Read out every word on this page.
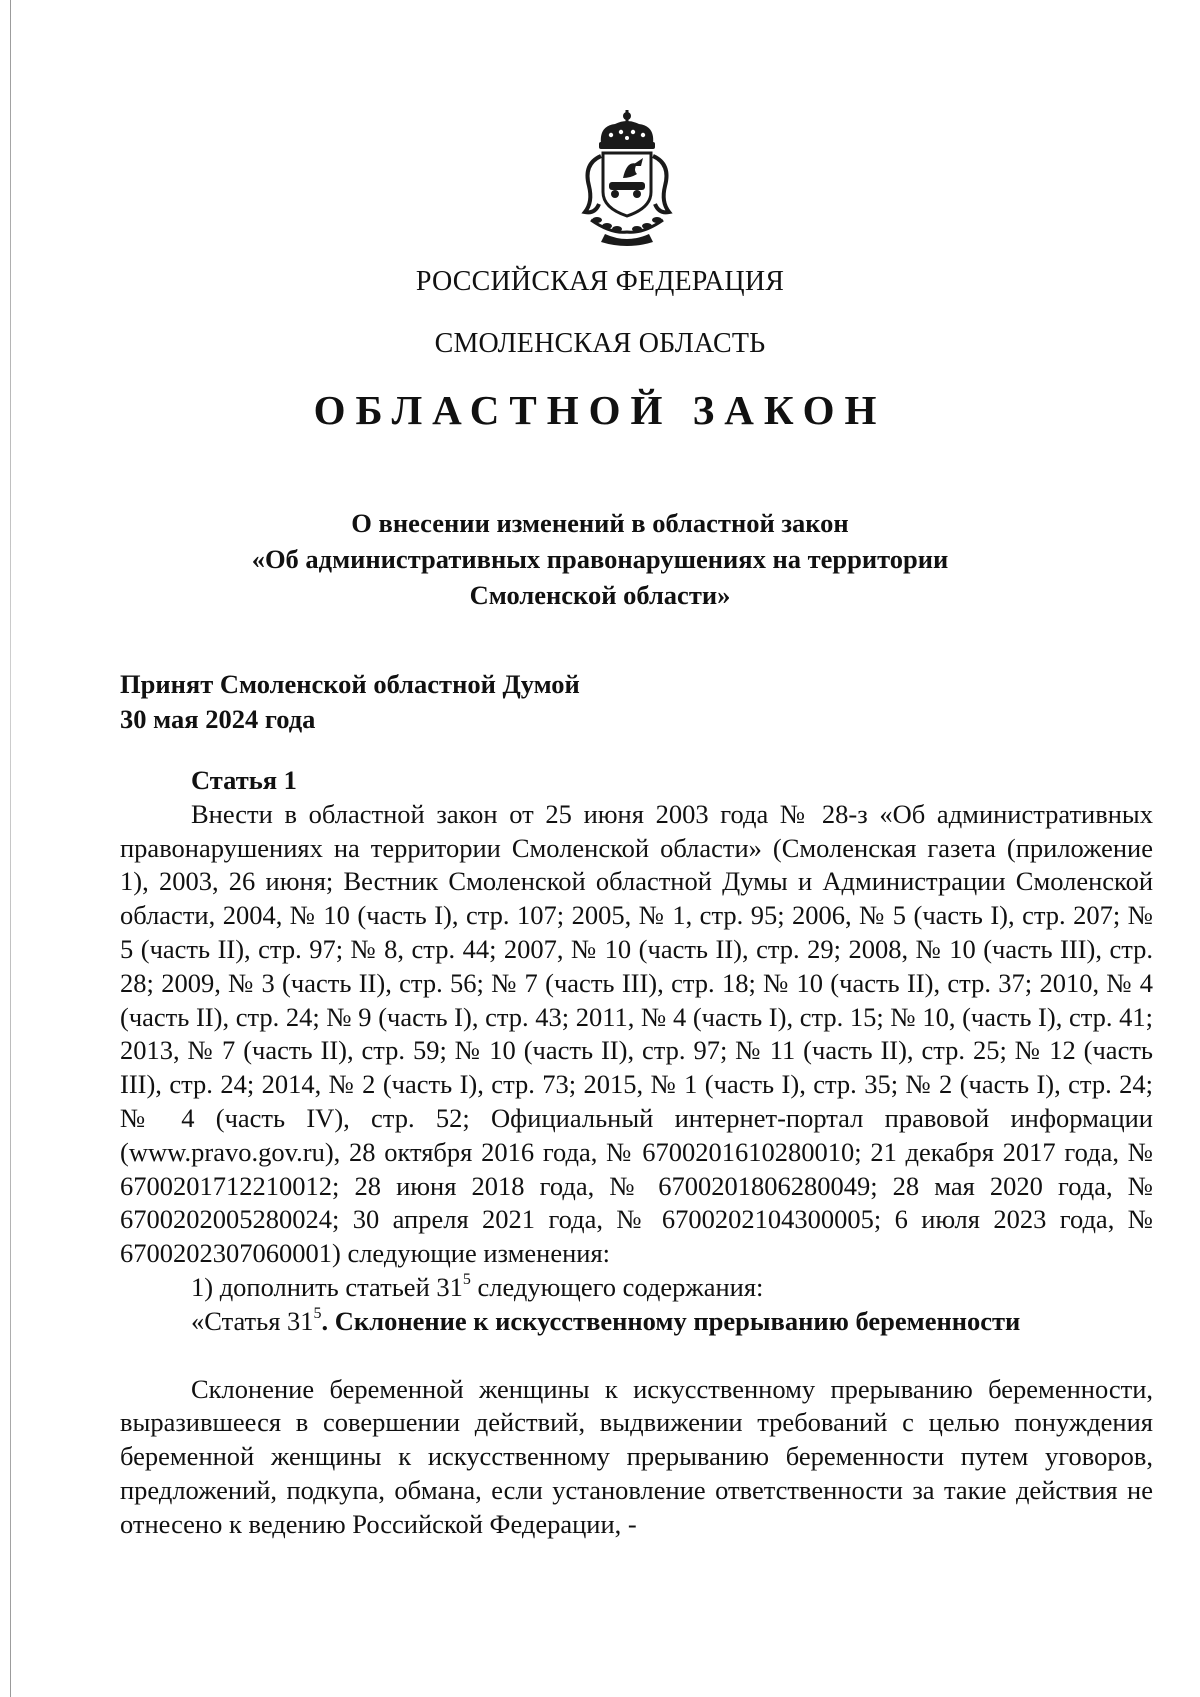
РОССИЙСКАЯ ФЕДЕРАЦИЯ
СМОЛЕНСКАЯ ОБЛАСТЬ
ОБЛАСТНОЙ ЗАКОН
О внесении изменений в областной закон
«Об административных правонарушениях на территории
Смоленской области»
Принят Смоленской областной Думой
30 мая 2024 года
Статья 1

Внести в областной закон от 25 июня 2003 года № 28-з «Об административных правонарушениях на территории Смоленской области» (Смоленская газета (приложение 1), 2003, 26 июня; Вестник Смоленской областной Думы и Администрации Смоленской области, 2004, № 10 (часть I), стр. 107; 2005, № 1, стр. 95; 2006, № 5 (часть I), стр. 207; № 5 (часть II), стр. 97; № 8, стр. 44; 2007, № 10 (часть II), стр. 29; 2008, № 10 (часть III), стр. 28; 2009, № 3 (часть II), стр. 56; № 7 (часть III), стр. 18; № 10 (часть II), стр. 37; 2010, № 4 (часть II), стр. 24; № 9 (часть I), стр. 43; 2011, № 4 (часть I), стр. 15; № 10, (часть I), стр. 41; 2013, № 7 (часть II), стр. 59; № 10 (часть II), стр. 97; № 11 (часть II), стр. 25; № 12 (часть III), стр. 24; 2014, № 2 (часть I), стр. 73; 2015, № 1 (часть I), стр. 35; № 2 (часть I), стр. 24; № 4 (часть IV), стр. 52; Официальный интернет-портал правовой информации (www.pravo.gov.ru), 28 октября 2016 года, № 6700201610280010; 21 декабря 2017 года, № 6700201712210012; 28 июня 2018 года, № 6700201806280049; 28 мая 2020 года, № 6700202005280024; 30 апреля 2021 года, № 6700202104300005; 6 июля 2023 года, № 6700202307060001) следующие изменения:

1) дополнить статьей $31^5$ следующего содержания:

«Статья $31^5$. Склонение к искусственному прерыванию беременности

Склонение беременной женщины к искусственному прерыванию беременности, выразившееся в совершении действий, выдвижении требований с целью понуждения беременной женщины к искусственному прерыванию беременности путем уговоров, предложений, подкупа, обмана, если установление ответственности за такие действия не отнесено к ведению Российской Федерации, -
